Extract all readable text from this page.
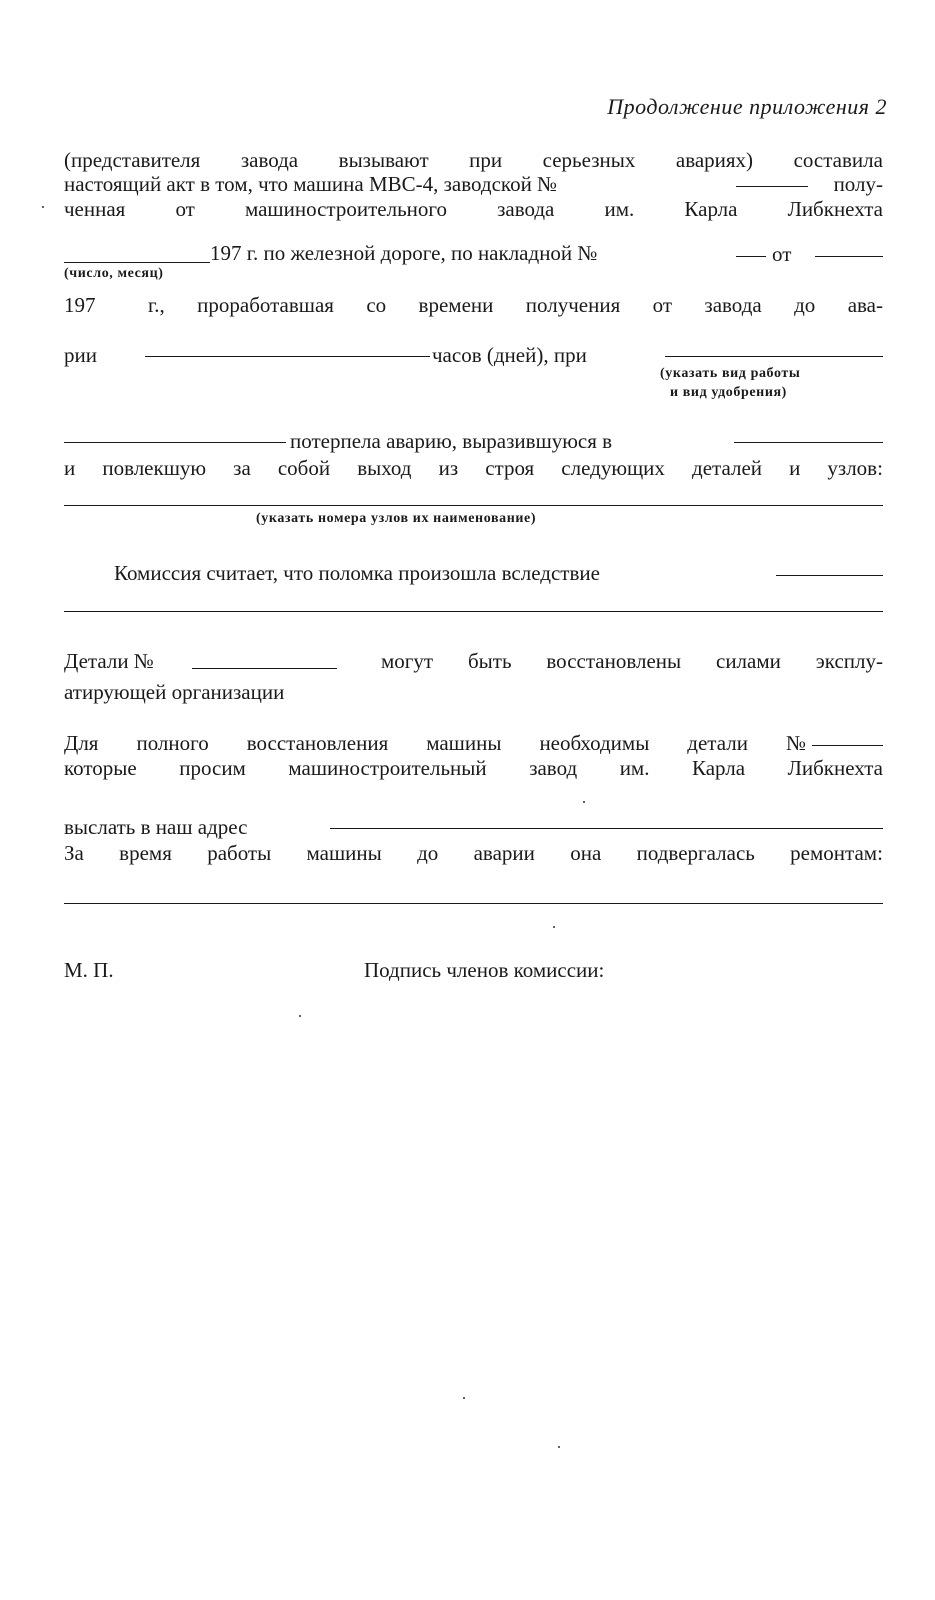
Продолжение приложения 2
(представителя завода вызывают при серьезных авариях) составила
настоящий акт в том, что машина МВС-4, заводской №	полу-
ченная от машиностроительного завода им. Карла Либкнехта
197 г. по железной дороге, по накладной №	от
(число, месяц)
197	г., проработавшая со времени получения от завода до ава-
рии	часов (дней), при
(указать вид работы
и вид удобрения)
потерпела аварию, выразившуюся в
и повлекшую за собой выход из строя следующих деталей и узлов:
(указать номера узлов их наименование)
Комиссия считает, что поломка произошла вследствие
Детали №	могут быть восстановлены силами эксплу-
атирующей организации
Для полного восстановления машины необходимы детали №
которые просим машиностроительный завод им. Карла Либкнехта
выслать в наш адрес
За время работы машины до аварии она подвергалась ремонтам:
М. П.	Подпись членов комиссии:
